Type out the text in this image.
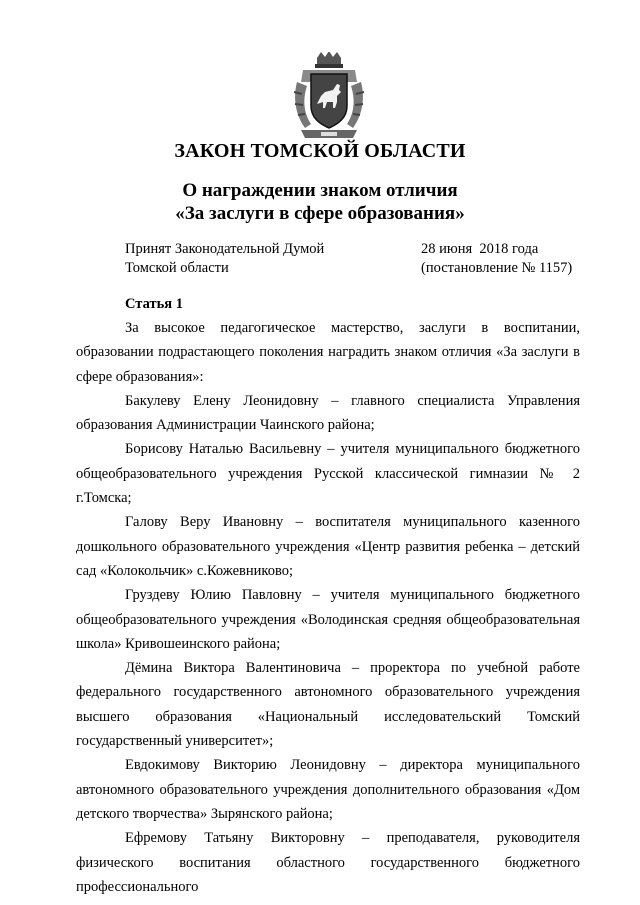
ЗАКОН ТОМСКОЙ ОБЛАСТИ
О награждении знаком отличия
«За заслуги в сфере образования»
Принят Законодательной Думой
Томской области
28 июня  2018 года
(постановление № 1157)
Статья 1

За высокое педагогическое мастерство, заслуги в воспитании, образовании подрастающего поколения наградить знаком отличия «За заслуги в сфере образования»:

Бакулеву Елену Леонидовну – главного специалиста Управления образования Администрации Чаинского района;

Борисову Наталью Васильевну – учителя муниципального бюджетного общеобразовательного учреждения Русской классической гимназии № 2 г.Томска;

Галову Веру Ивановну – воспитателя муниципального казенного дошкольного образовательного учреждения «Центр развития ребенка – детский сад «Колокольчик» с.Кожевниково;

Груздеву Юлию Павловну – учителя муниципального бюджетного общеобразовательного учреждения «Володинская средняя общеобразовательная школа» Кривошеинского района;

Дёмина Виктора Валентиновича – проректора по учебной работе федерального государственного автономного образовательного учреждения высшего образования «Национальный исследовательский Томский государственный университет»;

Евдокимову Викторию Леонидовну – директора муниципального автономного образовательного учреждения дополнительного образования «Дом детского творчества» Зырянского района;

Ефремову Татьяну Викторовну – преподавателя, руководителя физического воспитания областного государственного бюджетного профессионального
